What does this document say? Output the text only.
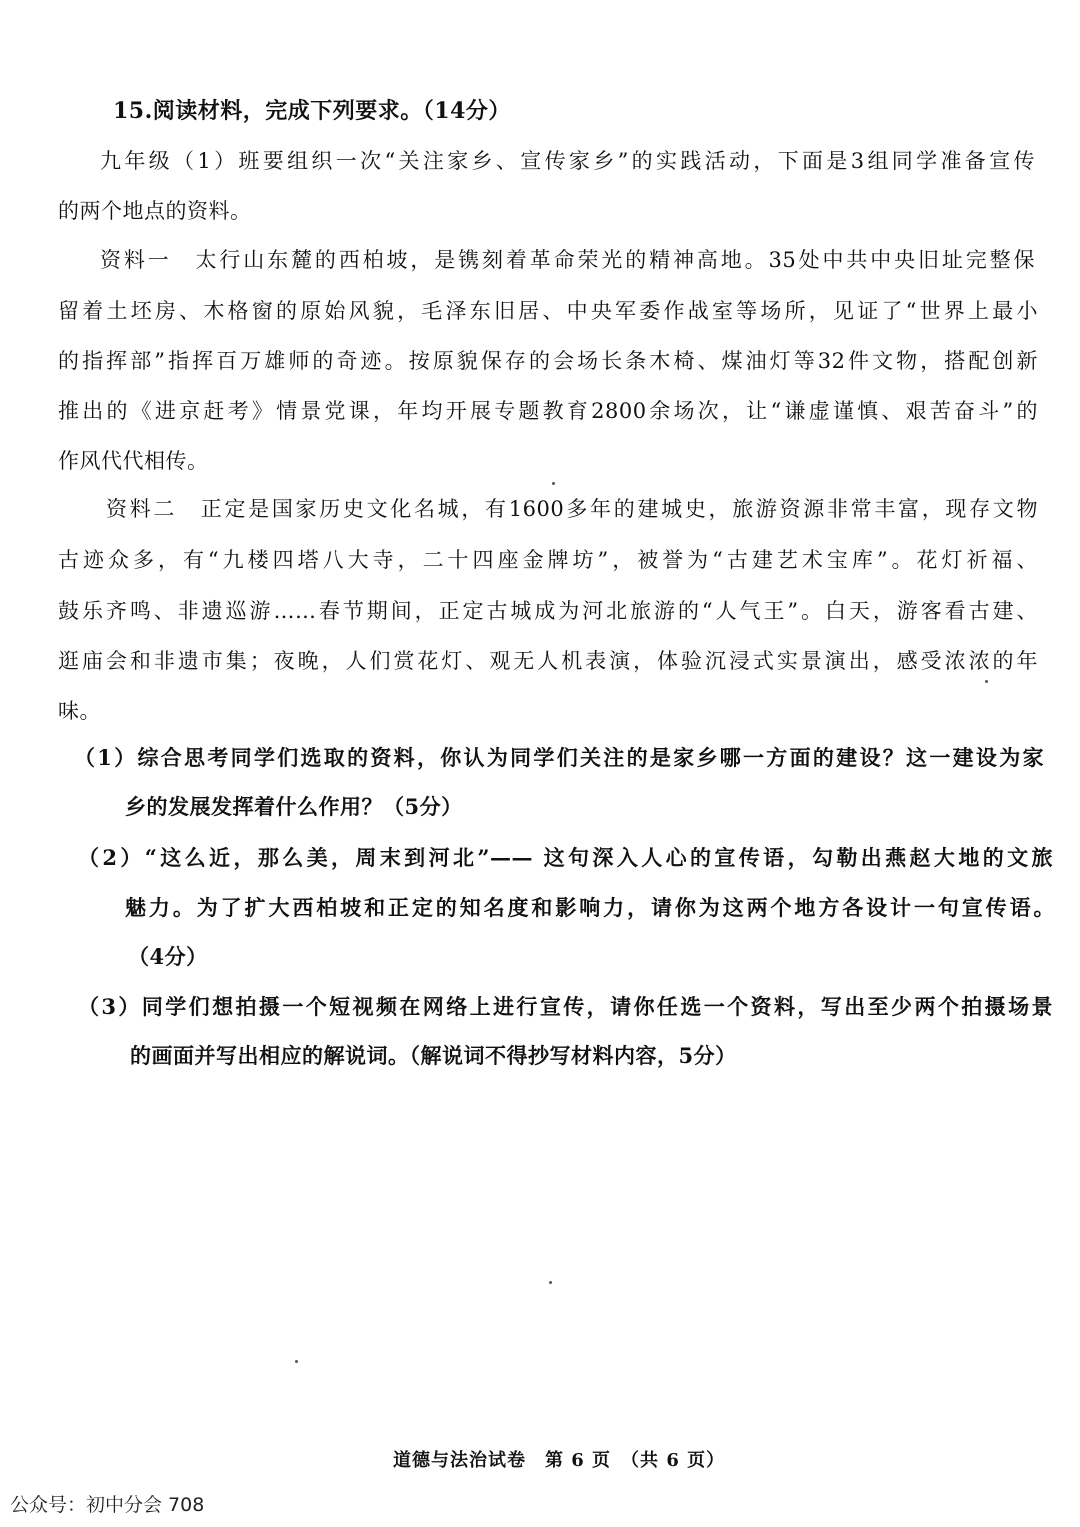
15.阅读材料，完成下列要求。（14分）
九年级（1）班要组织一次“关注家乡、宣传家乡”的实践活动，下面是3组同学准备宣传
的两个地点的资料。
资料一　太行山东麓的西柏坡，是镌刻着革命荣光的精神高地。35处中共中央旧址完整保
留着土坯房、木格窗的原始风貌，毛泽东旧居、中央军委作战室等场所，见证了“世界上最小
的指挥部”指挥百万雄师的奇迹。按原貌保存的会场长条木椅、煤油灯等32件文物，搭配创新
推出的《进京赶考》情景党课，年均开展专题教育2800余场次，让“谦虚谨慎、艰苦奋斗”的
作风代代相传。
资料二　正定是国家历史文化名城，有1600多年的建城史，旅游资源非常丰富，现存文物
古迹众多，有“九楼四塔八大寺，二十四座金牌坊”，被誉为“古建艺术宝库”。花灯祈福、
鼓乐齐鸣、非遗巡游……春节期间，正定古城成为河北旅游的“人气王”。白天，游客看古建、
逛庙会和非遗市集；夜晚，人们赏花灯、观无人机表演，体验沉浸式实景演出，感受浓浓的年
味。
（1）综合思考同学们选取的资料，你认为同学们关注的是家乡哪一方面的建设？这一建设为家
乡的发展发挥着什么作用？（5分）
（2）“这么近，那么美，周末到河北”—— 这句深入人心的宣传语，勾勒出燕赵大地的文旅
魅力。为了扩大西柏坡和正定的知名度和影响力，请你为这两个地方各设计一句宣传语。
（4分）
（3）同学们想拍摄一个短视频在网络上进行宣传，请你任选一个资料，写出至少两个拍摄场景
的画面并写出相应的解说词。（解说词不得抄写材料内容，5分）
道德与法治试卷　第 6 页　（共 6 页）
公众号：初中分会 708
